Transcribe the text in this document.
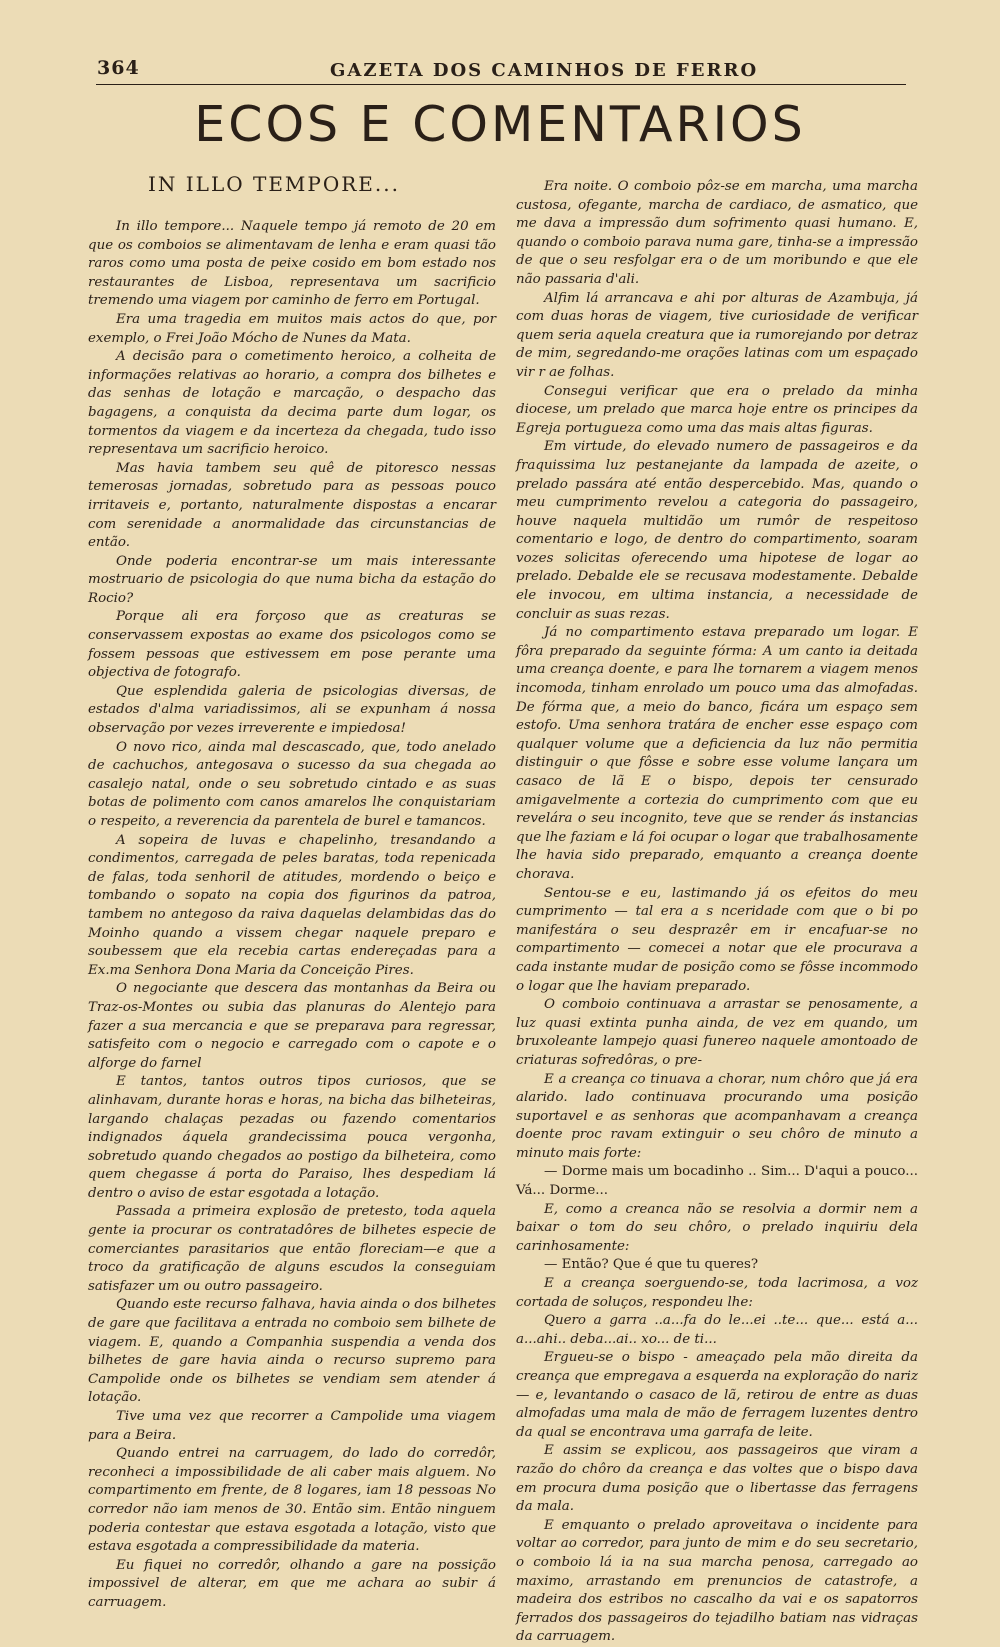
364	GAZETA DOS CAMINHOS DE FERRO
ECOS E COMENTARIOS
IN ILLO TEMPORE...

In illo tempore... Naquele tempo já remoto de 20 em que os comboios se alimentavam de lenha e eram quasi tão raros como uma posta de peixe cosido em bom estado nos restaurantes de Lisboa, representava um sacrificio tremendo uma viagem por caminho de ferro em Portugal.

Era uma tragedia em muitos mais actos do que, por exemplo, o Frei João Mócho de Nunes da Mata.

A decisão para o cometimento heroico, a colheita de informações relativas ao horario, a compra dos bilhetes e das senhas de lotação e marcação, o despacho das bagagens, a conquista da decima parte dum logar, os tormentos da viagem e da incerteza da chegada, tudo isso representava um sacrificio heroico.

Mas havia tambem seu quê de pitoresco nessas temerosas jornadas, sobretudo para as pessoas pouco irritaveis e, portanto, naturalmente dispostas a encarar com serenidade a anormalidade das circunstancias de então.

Onde poderia encontrar-se um mais interessante mostruario de psicologia do que numa bicha da estação do Rocio?

Porque ali era forçoso que as creaturas se conservassem expostas ao exame dos psicologos como se fossem pessoas que estivessem em pose perante uma objectiva de fotografo.

Que esplendida galeria de psicologias diversas, de estados d'alma variadissimos, ali se expunham á nossa observação por vezes irreverente e impiedosa!

O novo rico, ainda mal descascado, que, todo anelado de cachuchos, antegosava o sucesso da sua chegada ao casalejo natal, onde o seu sobretudo cintado e as suas botas de polimento com canos amarelos lhe conquistariam o respeito, a reverencia da parentela de burel e tamancos.

A sopeira de luvas e chapelinho, tresandando a condimentos, carregada de peles baratas, toda repenicada de falas, toda senhoril de atitudes, mordendo o beiço e tombando o sopato na copia dos figurinos da patroa, tambem no antegoso da raiva daquelas delambidas das do Moinho quando a vissem chegar naquele preparo e soubessem que ela recebia cartas endereçadas para a Ex.ma Senhora Dona Maria da Conceição Pires.

O negociante que descera das montanhas da Beira ou Traz-os-Montes ou subia das planuras do Alentejo para fazer a sua mercancia e que se preparava para regressar, satisfeito com o negocio e carregado com o capote e o alforge do farnel

E tantos, tantos outros tipos curiosos, que se alinhavam, durante horas e horas, na bicha das bilheteiras, largando chalaças pezadas ou fazendo comentarios indignados áquela grandecissima pouca vergonha, sobretudo quando chegados ao postigo da bilheteira, como quem chegasse á porta do Paraiso, lhes despediam lá dentro o aviso de estar esgotada a lotação.

Passada a primeira explosão de pretesto, toda aquela gente ia procurar os contratadôres de bilhetes especie de comerciantes parasitarios que então floreciam—e que a troco da gratificação de alguns escudos la conseguiam satisfazer um ou outro passageiro.

Quando este recurso falhava, havia ainda o dos bilhetes de gare que facilitava a entrada no comboio sem bilhete de viagem. E, quando a Companhia suspendia a venda dos bilhetes de gare havia ainda o recurso supremo para Campolide onde os bilhetes se vendiam sem atender á lotação.

Tive uma vez que recorrer a Campolide uma viagem para a Beira.

Quando entrei na carruagem, do lado do corredôr, reconheci a impossibilidade de ali caber mais alguem. No compartimento em frente, de 8 logares, iam 18 pessoas No corredor não iam menos de 30. Então sim. Então ninguem poderia contestar que estava esgotada a lotação, visto que estava esgotada a compressibilidade da materia.

Eu fiquei no corredôr, olhando a gare na possição impossivel de alterar, em que me achara ao subir á carruagem.

Era noite. O comboio pôz-se em marcha, uma marcha custosa, ofegante, marcha de cardiaco, de asmatico, que me dava a impressão dum sofrimento quasi humano. E, quando o comboio parava numa gare, tinha-se a impressão de que o seu resfolgar era o de um moribundo e que ele não passaria d'ali.

Alfim lá arrancava e ahi por alturas de Azambuja, já com duas horas de viagem, tive curiosidade de verificar quem seria aquela creatura que ia rumorejando por detraz de mim, segredando-me orações latinas com um espaçado vir r ae folhas.

Consegui verificar que era o prelado da minha diocese, um prelado que marca hoje entre os principes da Egreja portugueza como uma das mais altas figuras.

Em virtude, do elevado numero de passageiros e da fraquissima luz pestanejante da lampada de azeite, o prelado passára até então despercebido. Mas, quando o meu cumprimento revelou a categoria do passageiro, houve naquela multidão um rumôr de respeitoso comentario e logo, de dentro do compartimento, soaram vozes solicitas oferecendo uma hipotese de logar ao prelado. Debalde ele se recusava modestamente. Debalde ele invocou, em ultima instancia, a necessidade de concluir as suas rezas.

Já no compartimento estava preparado um logar. E fôra preparado da seguinte fórma: A um canto ia deitada uma creança doente, e para lhe tornarem a viagem menos incomoda, tinham enrolado um pouco uma das almofadas. De fórma que, a meio do banco, ficára um espaço sem estofo. Uma senhora tratára de encher esse espaço com qualquer volume que a deficiencia da luz não permitia distinguir o que fôsse e sobre esse volume lançara um casaco de lã E o bispo, depois ter censurado amigavelmente a cortezia do cumprimento com que eu revelára o seu incognito, teve que se render ás instancias que lhe faziam e lá foi ocupar o logar que trabalhosamente lhe havia sido preparado, emquanto a creança doente chorava.

Sentou-se e eu, lastimando já os efeitos do meu cumprimento — tal era a s nceridade com que o bi po manifestára o seu desprazêr em ir encafuar-se no compartimento — comecei a notar que ele procurava a cada instante mudar de posição como se fôsse incommodo o logar que lhe haviam preparado.

O comboio continuava a arrastar se penosamente, a luz quasi extinta punha ainda, de vez em quando, um bruxoleante lampejo quasi funereo naquele amontoado de criaturas sofredôras, o pre-

E a creança co tinuava a chorar, num chôro que já era alarido. lado continuava procurando uma posição suportavel e as senhoras que acompanhavam a creança doente proc ravam extinguir o seu chôro de minuto a minuto mais forte:

— Dorme mais um bocadinho .. Sim... D'aqui a pouco... Vá... Dorme...

E, como a creanca não se resolvia a dormir nem a baixar o tom do seu chôro, o prelado inquiriu dela carinhosamente:

— Então? Que é que tu queres?

E a creança soerguendo-se, toda lacrimosa, a voz cortada de soluços, respondeu lhe:

Quero a garra ..a...fa do le...ei ..te... que... está a... a...ahi.. deba...ai.. xo... de ti...

Ergueu-se o bispo - ameaçado pela mão direita da creança que empregava a esquerda na exploração do nariz — e, levantando o casaco de lã, retirou de entre as duas almofadas uma mala de mão de ferragem luzentes dentro da qual se encontrava uma garrafa de leite.

E assim se explicou, aos passageiros que viram a razão do chôro da creança e das voltes que o bispo dava em procura duma posição que o libertasse das ferragens da mala.

E emquanto o prelado aproveitava o incidente para voltar ao corredor, para junto de mim e do seu secretario, o comboio lá ia na sua marcha penosa, carregado ao maximo, arrastando em prenuncios de catastrofe, a madeira dos estribos no cascalho da vai e os sapatorros ferrados dos passageiros do tejadilho batiam nas vidraças da carruagem.
